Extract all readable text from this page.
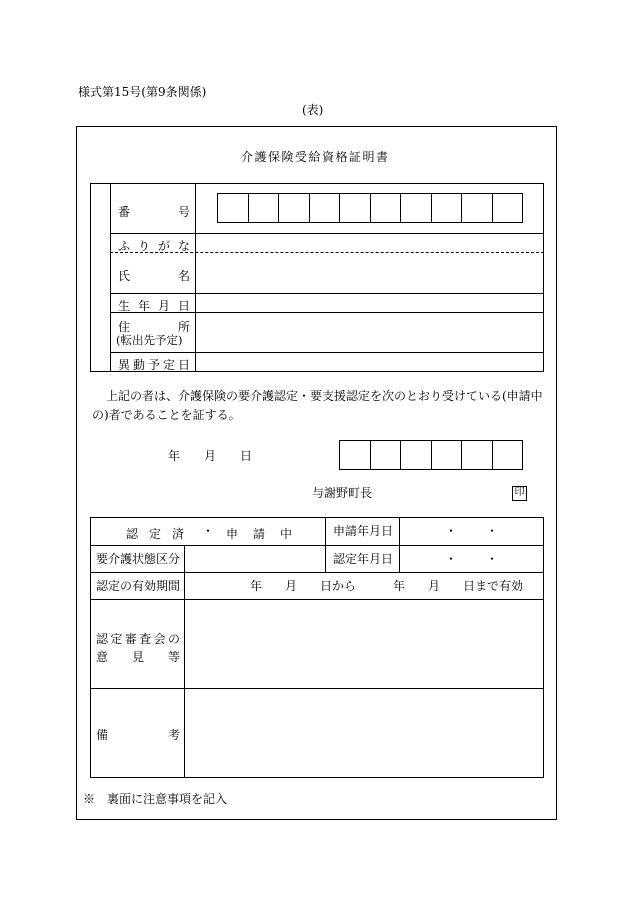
様式第15号(第9条関係)
(表)
介護保険受給資格証明書
番	号
ふ り が な
氏	名
生 年 月 日
住	所
(転出先予定)
異 動 予 定 日
上記の者は、介護保険の要介護認定・要支援認定を次のとおり受けている(申請中
の)者であることを証する。
年 月 日
与謝野町長	印
認 定 済 ・ 申 請 中	申請年月日	・ ・
要介護状態区分	認定年月日	・ ・
認定の有効期間	年 月 日から	年 月 日まで有効
認 定 審 査 会 の
意 見 等
備	考
※　裏面に注意事項を記入
